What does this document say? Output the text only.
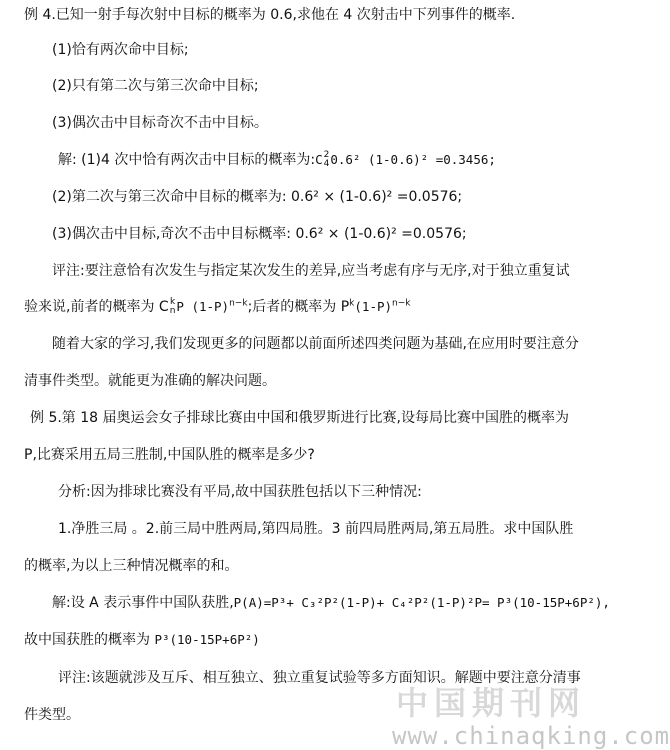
例 4.已知一射手每次射中目标的概率为 0.6,求他在 4 次射击中下列事件的概率.
(1)恰有两次命中目标;
(2)只有第二次与第三次命中目标;
(3)偶次击中目标奇次不击中目标。
解: (1)4 次中恰有两次击中目标的概率为:C 2
4 0.6² (1-0.6)² =0.3456;
(2)第二次与第三次命中目标的概率为: 0.6² × (1-0.6)² =0.0576;
(3)偶次击中目标,奇次不击中目标概率: 0.6² × (1-0.6)² =0.0576;
评注:要注意恰有次发生与指定某次发生的差异,应当考虑有序与无序,对于独立重复试
验来说,前者的概率为 C k
n P $(1-P)^{n-k}$;后者的概率为 $P^k(1-P)^{n-k}$
随着大家的学习,我们发现更多的问题都以前面所述四类问题为基础,在应用时要注意分
清事件类型。就能更为准确的解决问题。
例 5.第 18 届奥运会女子排球比赛由中国和俄罗斯进行比赛,设每局比赛中国胜的概率为
P,比赛采用五局三胜制,中国队胜的概率是多少?
分析:因为排球比赛没有平局,故中国获胜包括以下三种情况:
1.净胜三局 。2.前三局中胜两局,第四局胜。3 前四局胜两局,第五局胜。求中国队胜
的概率,为以上三种情况概率的和。
解:设 A 表示事件中国队获胜,P(A)=P³+ C₃²P²(1-P)+ C₄²P²(1-P)²P= P³(10-15P+6P²),
故中国获胜的概率为 P³(10-15P+6P²)
评注:该题就涉及互斥、相互独立、独立重复试验等多方面知识。解题中要注意分清事
件类型。	中国期刊网
www.chinaqking.com
